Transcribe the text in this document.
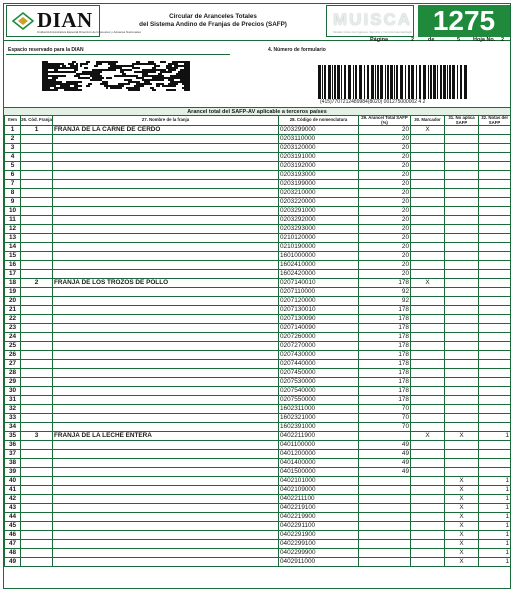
DIAN
Unidad Administrativa Especial Dirección de Impuestos y Aduanas Nacionales
Circular de Aranceles Totales
del Sistema Andino de Franjas de Precios (SAFP)	MUISCA
Modelo Único de Ingresos, Servicio y Control Automatizado 1275
Página	2	de	5 Hoja No. 2
Espacio reservado para la DIAN	4. Número de formulario
(415)7707212489984(8020) 001275000002 4 2
Arancel total del SAFP-AV aplicable a terceros países
Item	26. Cód. Franja	27. Nombre de la franja	28. Código de nomenclatura	29. Arancel Total SAFP (%)	30. Marcador	31. No aplica SAFP	32. Notas del SAFP
1	1	FRANJA DE LA CARNE DE CERDO	0203299000	20	X		
2			0203110000	20			
3			0203120000	20			
4			0203191000	20			
5			0203192000	20			
6			0203193000	20			
7			0203199000	20			
8			0203210000	20			
9			0203220000	20			
10			0203291000	20			
11			0203292000	20			
12			0203293000	20			
13			0210120000	20			
14			0210190000	20			
15			1601000000	20			
16			1602410000	20			
17			1602420000	20			
18	2	FRANJA DE LOS TROZOS DE POLLO	0207140010	178	X		
19			0207110000	92			
20			0207120000	92			
21			0207130010	178			
22			0207130090	178			
23			0207140090	178			
24			0207260000	178			
25			0207270000	178			
26			0207430000	178			
27			0207440000	178			
28			0207450000	178			
29			0207530000	178			
30			0207540000	178			
31			0207550000	178			
32			1602311000	70			
33			1602321000	70			
34			1602391000	70			
35	3	FRANJA DE LA LECHE ENTERA	0402211900		X	X	1
36			0401100000	49			
37			0401200000	49			
38			0401400000	49			
39			0401500000	49			
40			0402101000			X	1
41			0402109000			X	1
42			0402211100			X	1
43			0402219100			X	1
44			0402219900			X	1
45			0402291100			X	1
46			0402291900			X	1
47			0402299100			X	1
48			0402299900			X	1
49			0402911000			X	1
